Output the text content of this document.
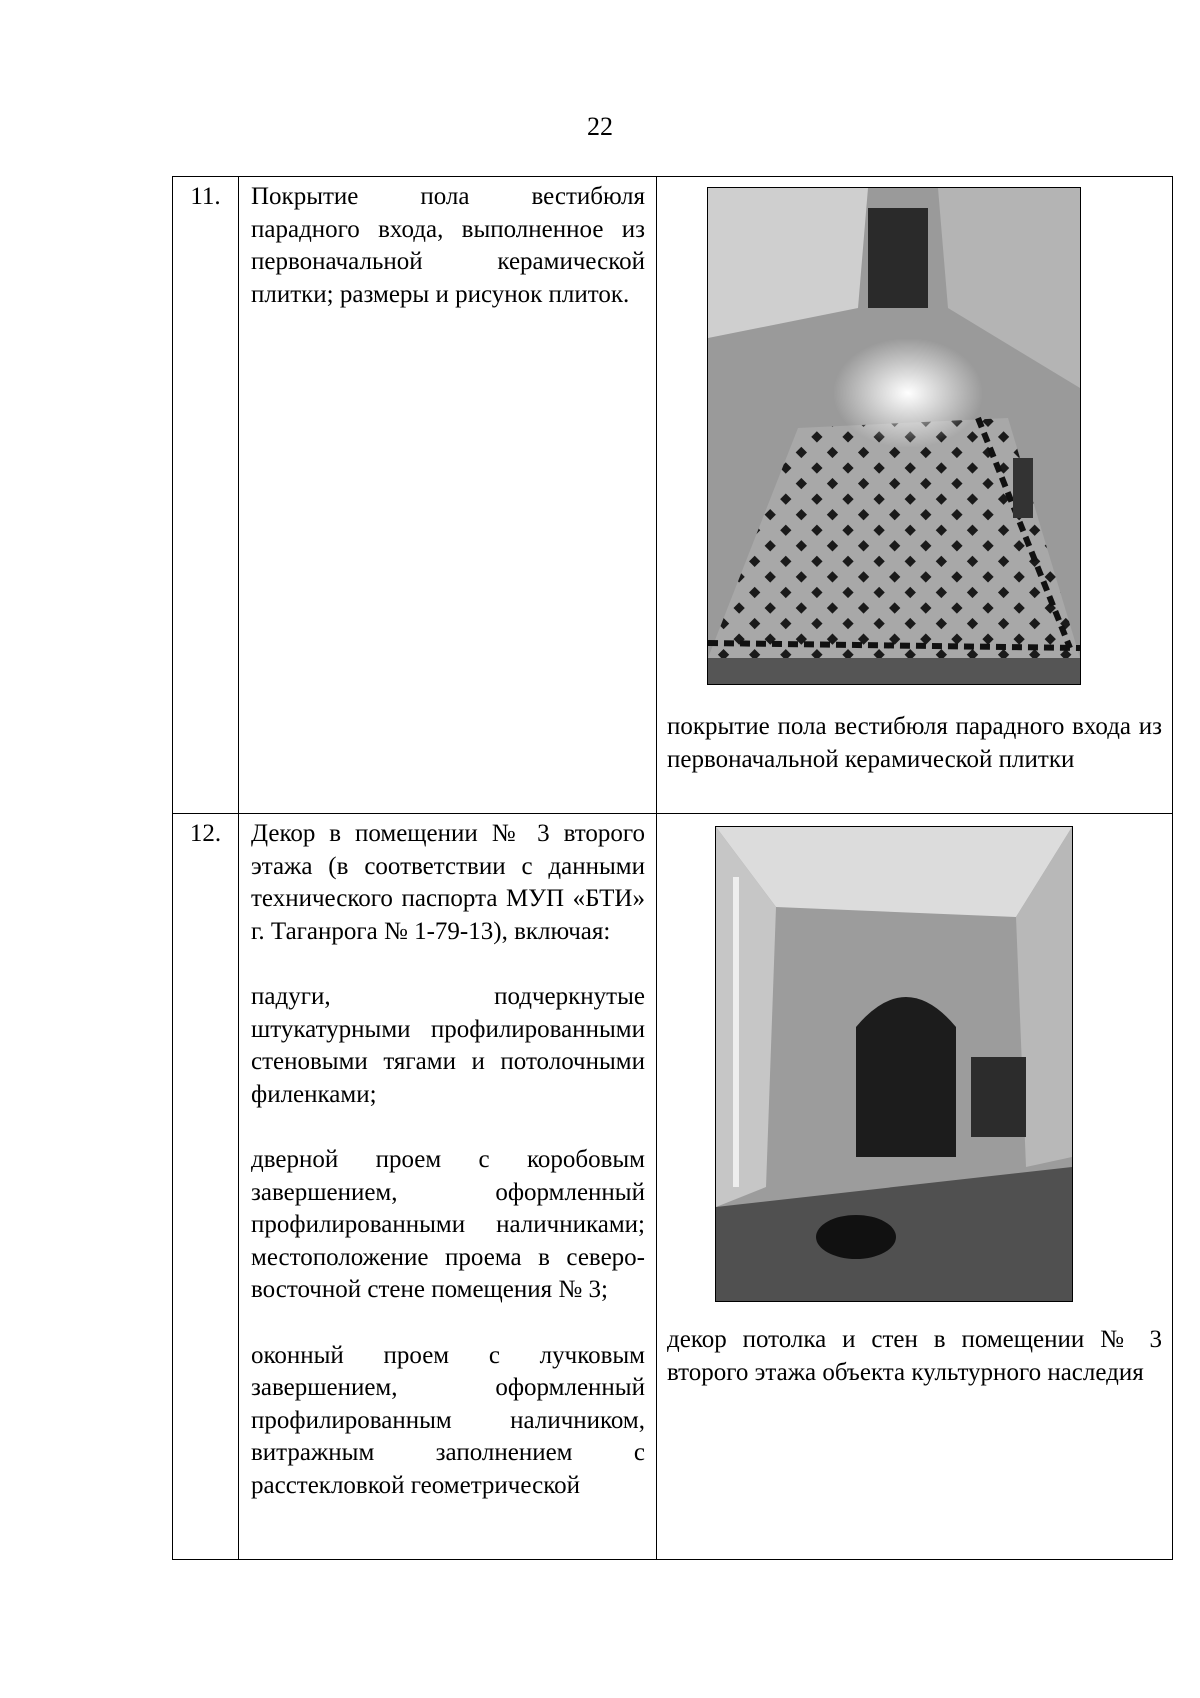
22
11.	Покрытие пола вестибюля парадного входа, выполненное из первоначальной керамической плитки; размеры и рисунок плиток.	покрытие пола вестибюля парадного входа из первоначальной керамической плитки

12.	Декор в помещении № 3 второго этажа (в соответствии с данными технического паспорта МУП «БТИ» г. Таганрога № 1-79-13), включая:

падуги, подчеркнутые штукатурными профилированными стеновыми тягами и потолочными филенками;

дверной проем с коробовым завершением, оформленный профилированными наличниками; местоположение проема в северо-восточной стене помещения № 3;

оконный проем с лучковым завершением, оформленный профилированным наличником, витражным заполнением с расстекловкой геометрической	декор потолка и стен в помещении № 3 второго этажа объекта культурного наследия
